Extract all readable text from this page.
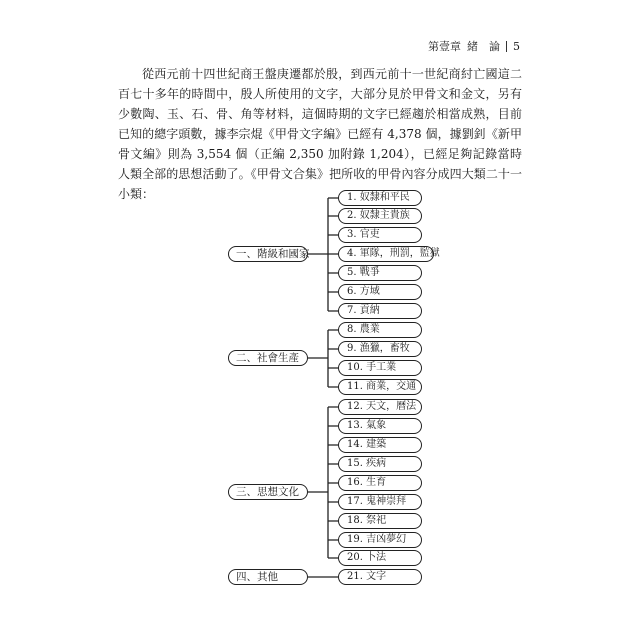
第壹章 緒　論 5

從西元前十四世紀商王盤庚遷都於殷，到西元前十一世紀商紂亡國這二百七十多年的時間中，殷人所使用的文字，大部分見於甲骨文和金文，另有少數陶、玉、石、骨、角等材料，這個時期的文字已經趨於相當成熟，目前已知的總字頭數，據李宗焜《甲骨文字編》已經有 4,378 個，據劉釗《新甲骨文編》則為 3,554 個（正編 2,350 加附錄 1,204），已經足夠記錄當時人類全部的思想活動了。《甲骨文合集》把所收的甲骨內容分成四大類二十一小類：

一、階級和國家
二、社會生產
三、思想文化
四、其他
1. 奴隸和平民
2. 奴隸主貴族
3. 官吏
4. 軍隊，刑罰，監獄
5. 戰爭
6. 方域
7. 貢納
8. 農業
9. 漁獵，畜牧
10. 手工業
11. 商業，交通
12. 天文，曆法
13. 氣象
14. 建築
15. 疾病
16. 生育
17. 鬼神崇拜
18. 祭祀
19. 吉凶夢幻
20. 卜法
21. 文字
